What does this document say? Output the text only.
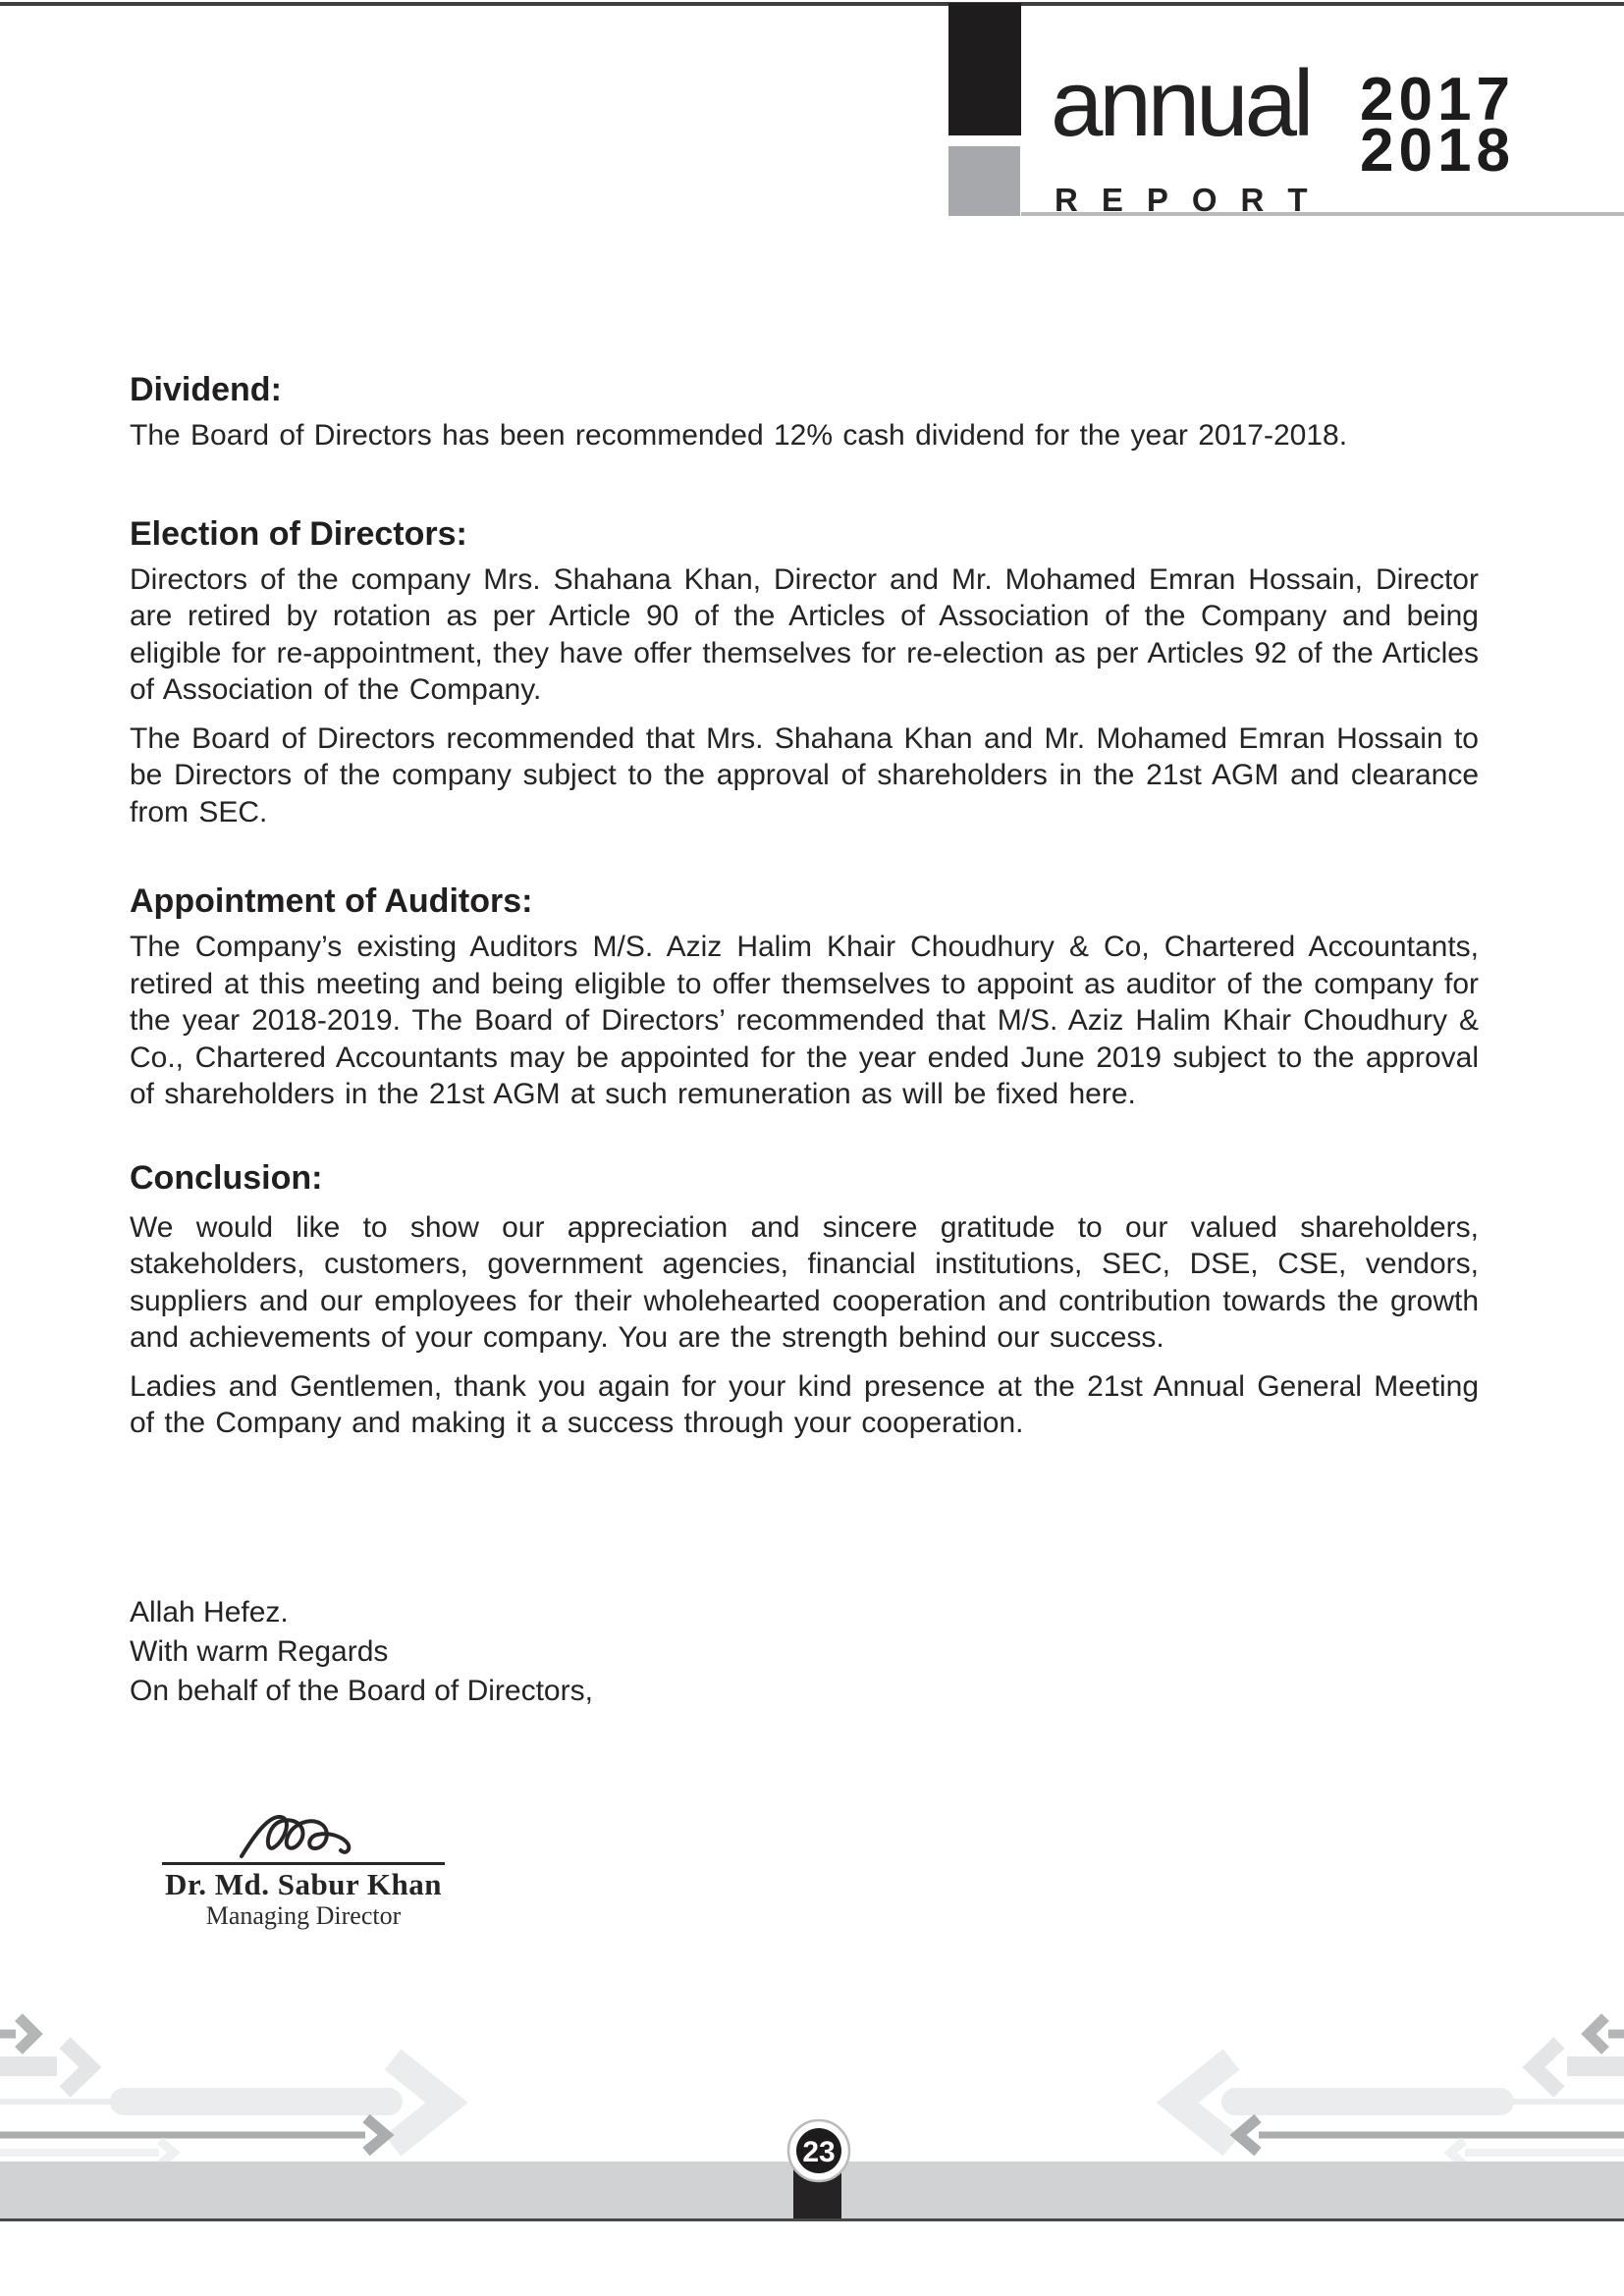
annual
REPORT
2017
2018
Dividend:

The Board of Directors has been recommended 12% cash dividend for the year 2017-2018.

Election of Directors:

Directors of the company Mrs. Shahana Khan, Director and Mr. Mohamed Emran Hossain, Director are retired by rotation as per Article 90 of the Articles of Association of the Company and being eligible for re-appointment, they have offer themselves for re-election as per Articles 92 of the Articles of Association of the Company.

The Board of Directors recommended that Mrs. Shahana Khan and Mr. Mohamed Emran Hossain to be Directors of the company subject to the approval of shareholders in the 21st AGM and clearance from SEC.

Appointment of Auditors:

The Company’s existing Auditors M/S. Aziz Halim Khair Choudhury & Co, Chartered Accountants, retired at this meeting and being eligible to offer themselves to appoint as auditor of the company for the year 2018-2019. The Board of Directors’ recommended that M/S. Aziz Halim Khair Choudhury & Co., Chartered Accountants may be appointed for the year ended June 2019 subject to the approval of shareholders in the 21st AGM at such remuneration as will be fixed here.

Conclusion:

We would like to show our appreciation and sincere gratitude to our valued shareholders, stakeholders, customers, government agencies, financial institutions, SEC, DSE, CSE, vendors, suppliers and our employees for their wholehearted cooperation and contribution towards the growth and achievements of your company. You are the strength behind our success.

Ladies and Gentlemen, thank you again for your kind presence at the 21st Annual General Meeting of the Company and making it a success through your cooperation.

Allah Hefez.
With warm Regards
On behalf of the Board of Directors,
Dr. Md. Sabur Khan
Managing Director
23
